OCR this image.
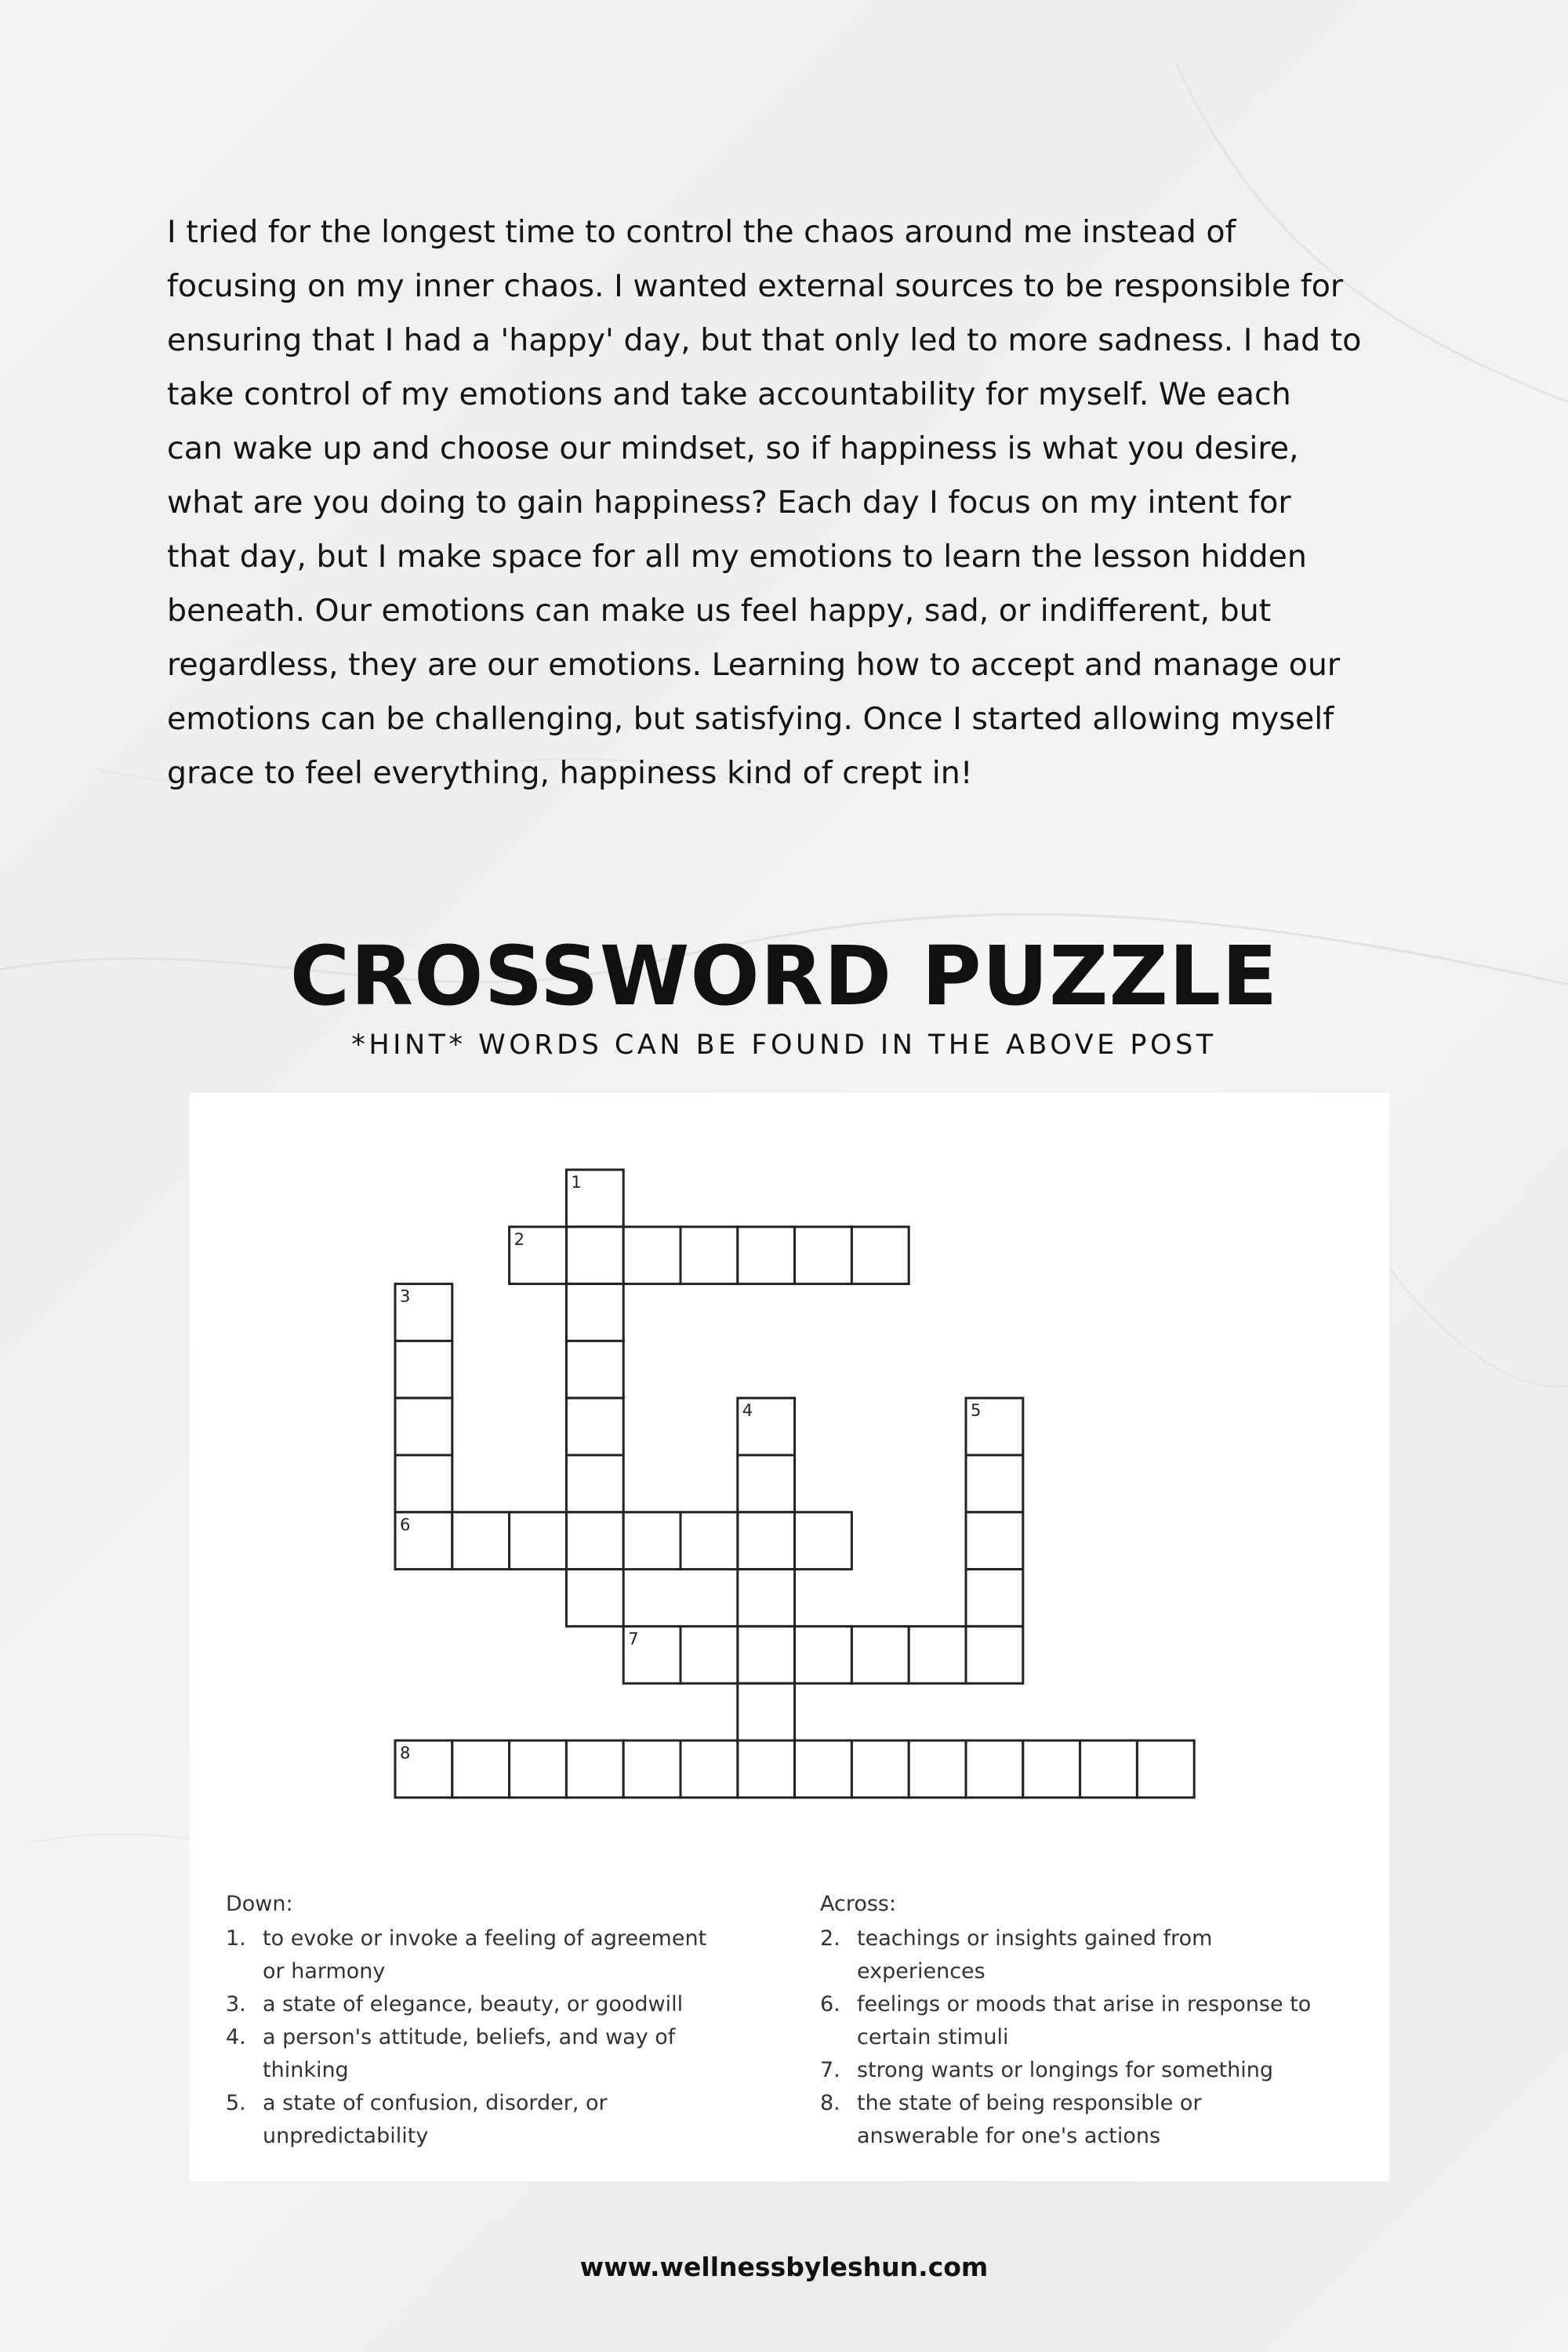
I tried for the longest time to control the chaos around me instead of
focusing on my inner chaos. I wanted external sources to be responsible for
ensuring that I had a 'happy' day, but that only led to more sadness. I had to
take control of my emotions and take accountability for myself. We each
can wake up and choose our mindset, so if happiness is what you desire,
what are you doing to gain happiness? Each day I focus on my intent for
that day, but I make space for all my emotions to learn the lesson hidden
beneath. Our emotions can make us feel happy, sad, or indifferent, but
regardless, they are our emotions. Learning how to accept and manage our
emotions can be challenging, but satisfying. Once I started allowing myself
grace to feel everything, happiness kind of crept in!
CROSSWORD PUZZLE
*HINT* WORDS CAN BE FOUND IN THE ABOVE POST
1
2
3
4	5
6
7
8
Down:
1. to evoke or invoke a feeling of agreement
or harmony
3. a state of elegance, beauty, or goodwill
4. a person's attitude, beliefs, and way of
thinking
5. a state of confusion, disorder, or
unpredictability
Across:
2. teachings or insights gained from
experiences
6. feelings or moods that arise in response to
certain stimuli
7. strong wants or longings for something
8. the state of being responsible or
answerable for one's actions
www.wellnessbyleshun.com
